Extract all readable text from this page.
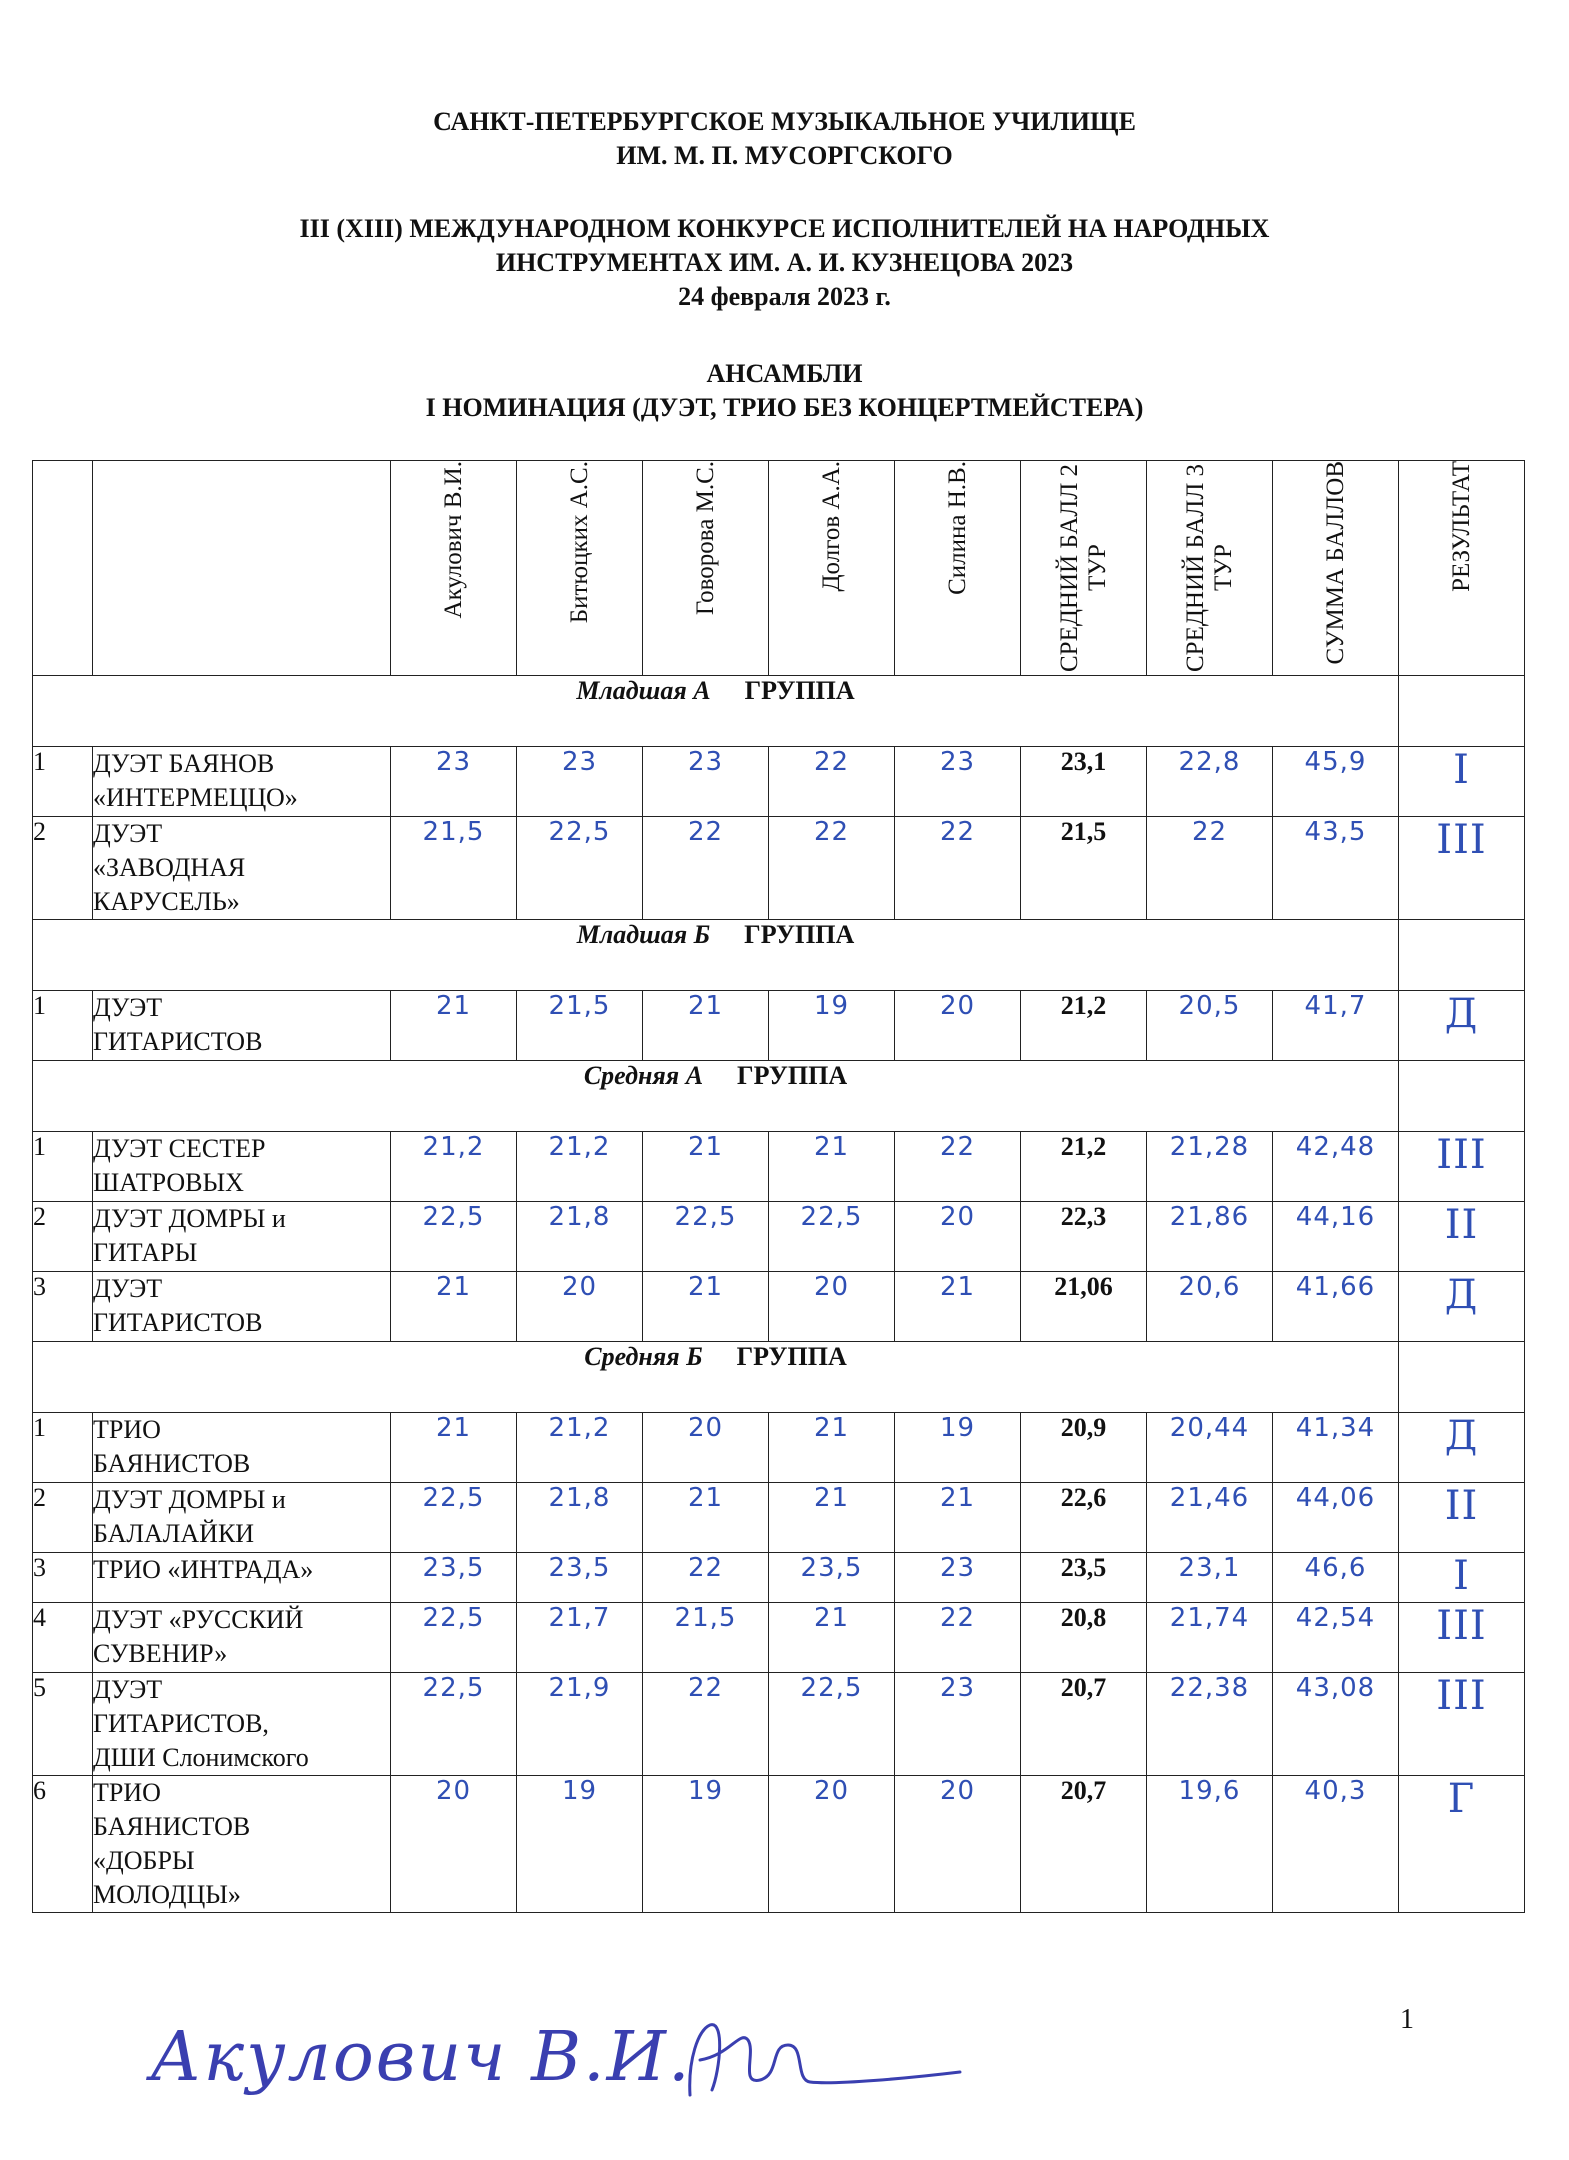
САНКТ-ПЕТЕРБУРГСКОЕ МУЗЫКАЛЬНОЕ УЧИЛИЩЕ
ИМ. М. П. МУСОРГСКОГО
III (XIII) МЕЖДУНАРОДНОМ КОНКУРСЕ ИСПОЛНИТЕЛЕЙ НА НАРОДНЫХ
ИНСТРУМЕНТАХ ИМ. А. И. КУЗНЕЦОВА 2023
24 февраля 2023 г.
АНСАМБЛИ
I НОМИНАЦИЯ (ДУЭТ, ТРИО БЕЗ КОНЦЕРТМЕЙСТЕРА)

		Акулович В.И.	Битюцких А.С.	Говорова М.С.	Долгов А.А.	Силина Н.В.	СРЕДНИЙ БАЛЛ 2 ТУР	СРЕДНИЙ БАЛЛ 3 ТУР	СУММА БАЛЛОВ	РЕЗУЛЬТАТ

Младшая А ГРУППА										
1	ДУЭТ БАЯНОВ
«ИНТЕРМЕЦЦО»	23	23	23	22	23	23,1	22,8	45,9	I
2	ДУЭТ
«ЗАВОДНАЯ
КАРУСЕЛЬ»	21,5	22,5	22	22	22	21,5	22	43,5	III
Младшая Б ГРУППА										
1	ДУЭТ
ГИТАРИСТОВ	21	21,5	21	19	20	21,2	20,5	41,7	Д
Средняя А ГРУППА										
1	ДУЭТ СЕСТЕР
ШАТРОВЫХ	21,2	21,2	21	21	22	21,2	21,28	42,48	III
2	ДУЭТ ДОМРЫ и
ГИТАРЫ	22,5	21,8	22,5	22,5	20	22,3	21,86	44,16	II
3	ДУЭТ
ГИТАРИСТОВ	21	20	21	20	21	21,06	20,6	41,66	Д
Средняя Б ГРУППА										
1	ТРИО
БАЯНИСТОВ	21	21,2	20	21	19	20,9	20,44	41,34	Д
2	ДУЭТ ДОМРЫ и
БАЛАЛАЙКИ	22,5	21,8	21	21	21	22,6	21,46	44,06	II
3	ТРИО «ИНТРАДА»	23,5	23,5	22	23,5	23	23,5	23,1	46,6	I
4	ДУЭТ «РУССКИЙ
СУВЕНИР»	22,5	21,7	21,5	21	22	20,8	21,74	42,54	III
5	ДУЭТ
ГИТАРИСТОВ,
ДШИ Слонимского	22,5	21,9	22	22,5	23	20,7	22,38	43,08	III
6	ТРИО
БАЯНИСТОВ
«ДОБРЫ
МОЛОДЦЫ»	20	19	19	20	20	20,7	19,6	40,3	Г
1
Акулович В.И.
